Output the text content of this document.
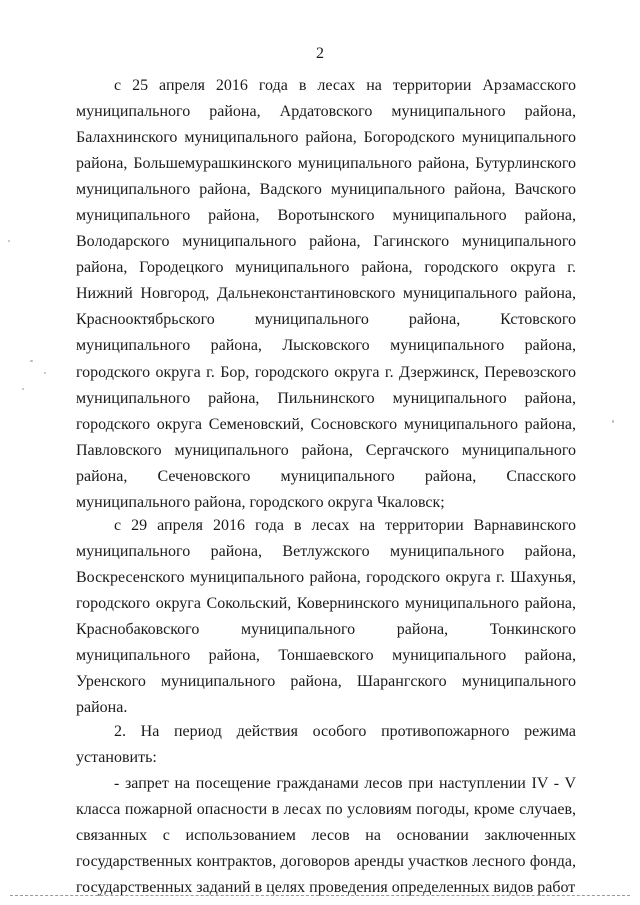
2

с 25 апреля 2016 года в лесах на территории Арзамасского муниципального района, Ардатовского муниципального района, Балахнинского муниципального района, Богородского муниципального района, Большемурашкинского муниципального района, Бутурлинского муниципального района, Вадского муниципального района, Вачского муниципального района, Воротынского муниципального района, Володарского муниципального района, Гагинского муниципального района, Городецкого муниципального района, городского округа г. Нижний Новгород, Дальнеконстантиновского муниципального района, Краснооктябрьского муниципального района, Кстовского муниципального района, Лысковского муниципального района, городского округа г. Бор, городского округа г. Дзержинск, Перевозского муниципального района, Пильнинского муниципального района, городского округа Семеновский, Сосновского муниципального района, Павловского муниципального района, Сергачского муниципального района, Сеченовского муниципального района, Спасского муниципального района, городского округа Чкаловск;

с 29 апреля 2016 года в лесах на территории Варнавинского муниципального района, Ветлужского муниципального района, Воскресенского муниципального района, городского округа г. Шахунья, городского округа Сокольский, Ковернинского муниципального района, Краснобаковского муниципального района, Тонкинского муниципального района, Тоншаевского муниципального района, Уренского муниципального района, Шарангского муниципального района.

2. На период действия особого противопожарного режима установить:

- запрет на посещение гражданами лесов при наступлении IV - V класса пожарной опасности в лесах по условиям погоды, кроме случаев, связанных с использованием лесов на основании заключенных государственных контрактов, договоров аренды участков лесного фонда, государственных заданий в целях проведения определенных видов работ
